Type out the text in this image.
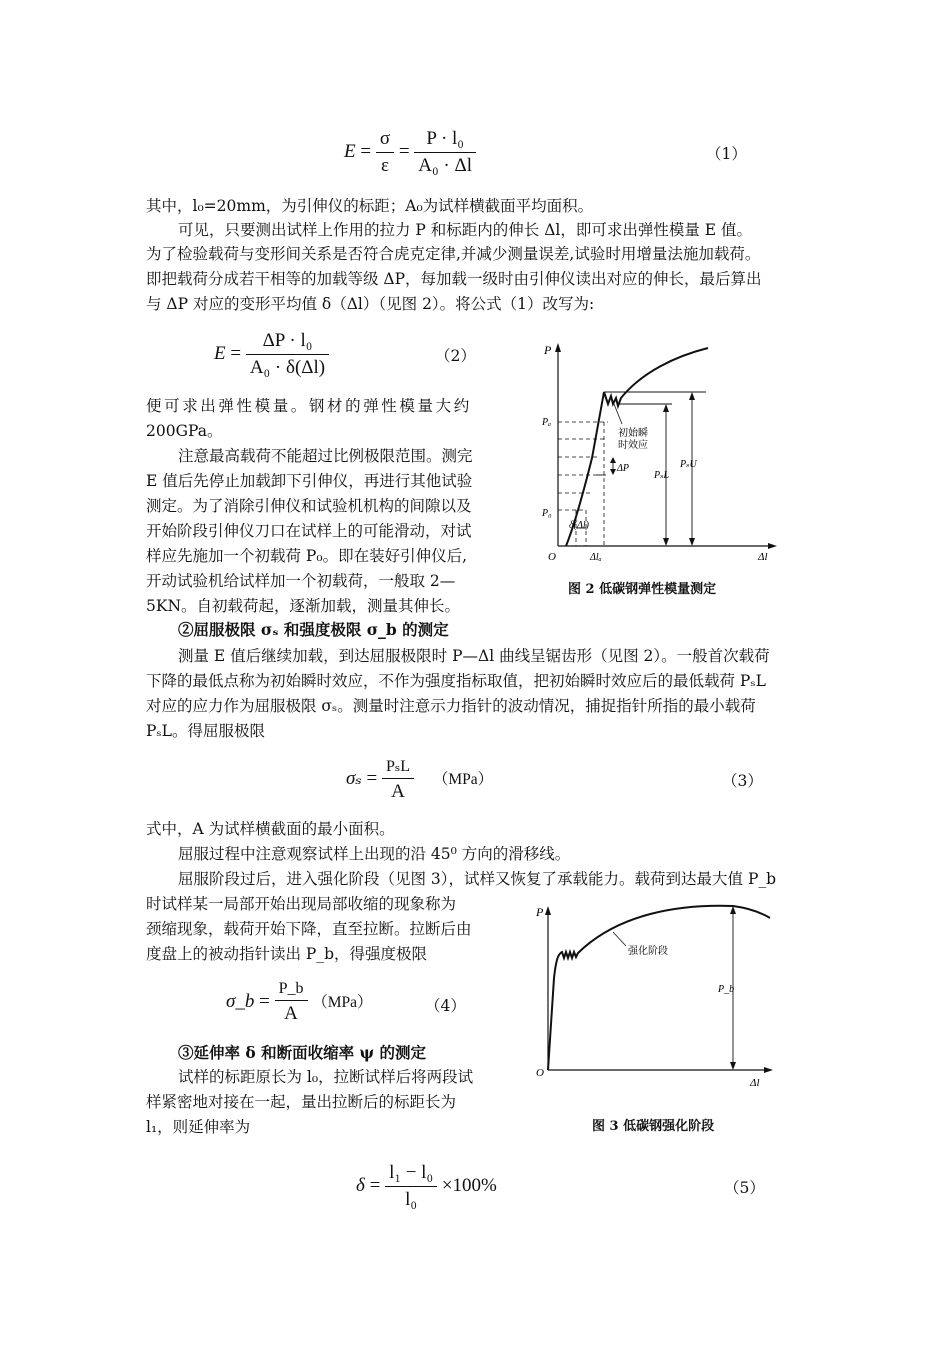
$E = \frac{\sigma}{\varepsilon} = \frac{\text{P · l₀}}{\text{A₀ · Δl}}$	（1）
其中，l₀=20mm，为引伸仪的标距；A₀为试样横截面平均面积。
可见，只要测出试样上作用的拉力 P 和标距内的伸长 Δl，即可求出弹性模量 E 值。
为了检验载荷与变形间关系是否符合虎克定律,并减少测量误差,试验时用增量法施加载荷。
即把载荷分成若干相等的加载等级 ΔP，每加载一级时由引伸仪读出对应的伸长，最后算出
与 ΔP 对应的变形平均值 δ（Δl）（见图 2）。将公式（1）改写为:
$E = \frac{\text{ΔP · l₀}}{\text{A₀ · δ(Δl)}}$	（2）
便可求出弹性模量。钢材的弹性模量大约
200GPa。
注意最高载荷不能超过比例极限范围。测完
E 值后先停止加载卸下引伸仪，再进行其他试验
测定。为了消除引伸仪和试验机机构的间隙以及
开始阶段引伸仪刀口在试样上的可能滑动，对试
样应先施加一个初载荷 P₀。即在装好引伸仪后,
开动试验机给试样加一个初载荷，一般取 2—
5KN。自初载荷起，逐渐加载，测量其伸长。
P
O	Δl
Pₐ
P₀
Δlₐ
PₛL
PₛU
ΔP
δ(Δl)
初始瞬
时效应
图 2 低碳钢弹性模量测定
②屈服极限 σₛ 和强度极限 σ_b 的测定
测量 E 值后继续加载，到达屈服极限时 P—Δl 曲线呈锯齿形（见图 2）。一般首次载荷
下降的最低点称为初始瞬时效应，不作为强度指标取值，把初始瞬时效应后的最低载荷 PₛL
对应的应力作为屈服极限 σₛ。测量时注意示力指针的波动情况，捕捉指针所指的最小载荷
PₛL。得屈服极限
$\sigma_s = \frac{\text{PₛL}}{A} (MPa)$	（3）
式中，A 为试样横截面的最小面积。
屈服过程中注意观察试样上出现的沿 45⁰ 方向的滑移线。
屈服阶段过后，进入强化阶段（见图 3），试样又恢复了承载能力。载荷到达最大值 P_b
时试样某一局部开始出现局部收缩的现象称为
颈缩现象，载荷开始下降，直至拉断。拉断后由
度盘上的被动指针读出 P_b，得强度极限
σ_b = $\frac{P\_b}{A} (MPa)$	（4）
P
O
Δl
P_b
强化阶段
图 3 低碳钢强化阶段
③延伸率 δ 和断面收缩率 ψ 的测定
试样的标距原长为 l₀，拉断试样后将两段试
样紧密地对接在一起，量出拉断后的标距长为
l₁，则延伸率为
$\delta = \frac{\text{l₁ − l₀}}{\text{l₀}} \times 100\%$	（5）
